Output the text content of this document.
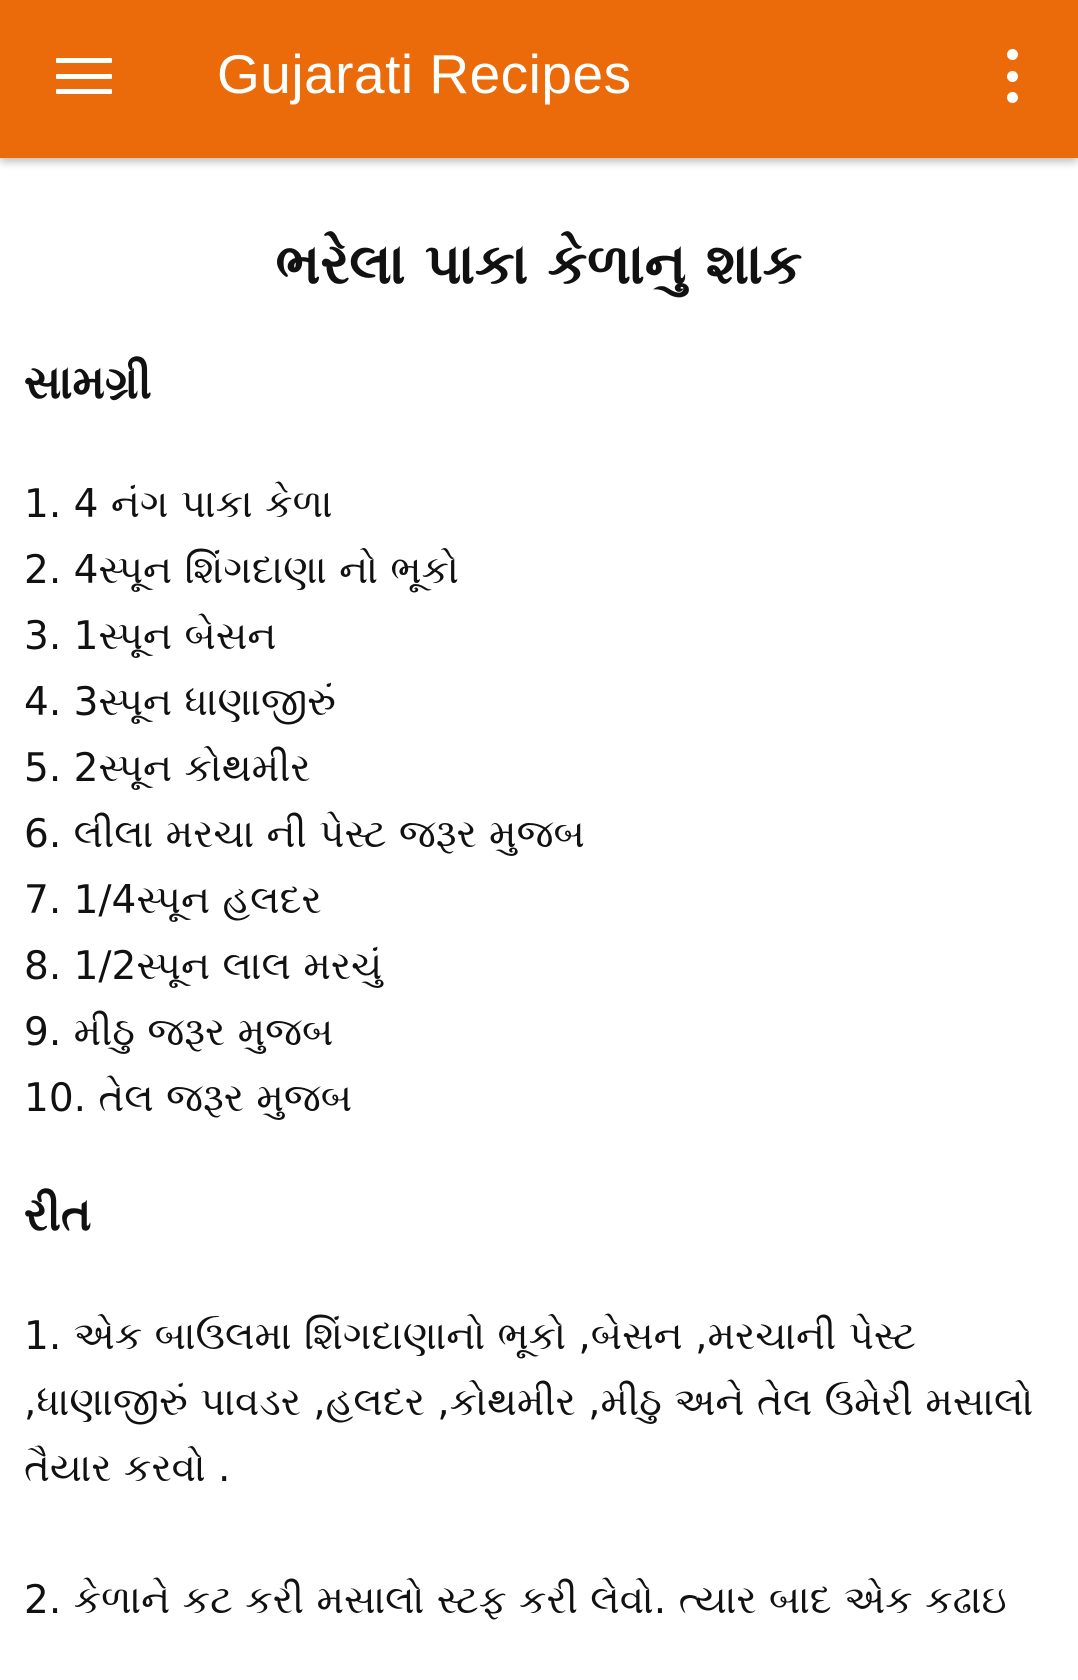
Gujarati Recipes
ભરેલા પાકા કેળાનુ શાક
સામગ્રી
1. 4 નંગ પાકા કેળા
2. 4સ્પૂન શિંગદાણા નો ભૂકો
3. 1સ્પૂન બેસન
4. 3સ્પૂન ધાણાજીરું
5. 2સ્પૂન કોથમીર
6. લીલા મરચા ની પેસ્ટ જરૂર મુજબ
7. 1/4સ્પૂન હલદર
8. 1/2સ્પૂન લાલ મરચું
9. મીઠુ જરૂર મુજબ
10. તેલ જરૂર મુજબ
રીત

1. એક બાઉલમા શિંગદાણાનો ભૂકો ,બેસન ,મરચાની પેસ્ટ ,ધાણાજીરું પાવડર ,હલદર ,કોથમીર ,મીઠુ અને તેલ ઉમેરી મસાલો તૈયાર કરવો .

2. કેળાને કટ કરી મસાલો સ્ટફ કરી લેવો. ત્યાર બાદ એક કઢાઇ
